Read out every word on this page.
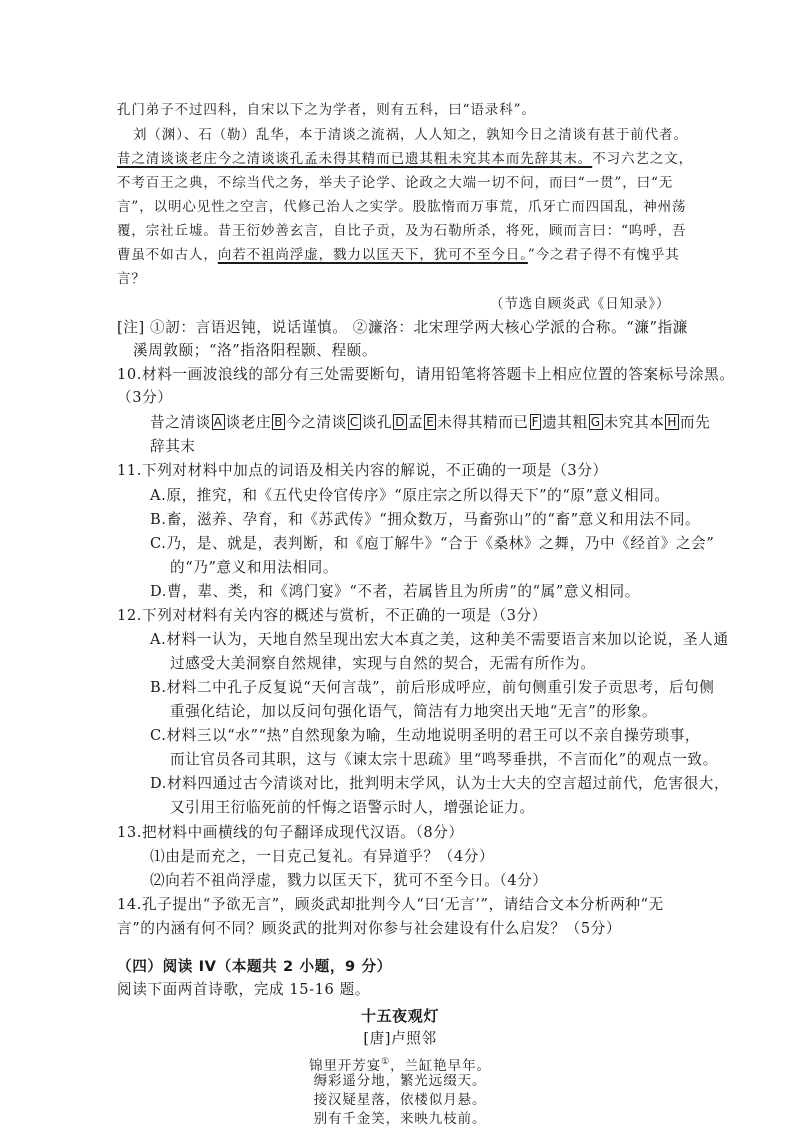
孔门弟子不过四科，自宋以下之为学者，则有五科，曰“语录科”。
刘（渊）、石（勒）乱华，本于清谈之流祸，人人知之，孰知今日之清谈有甚于前代者。
昔之清谈谈老庄今之清谈谈孔孟未得其精而已遗其粗未究其本而先辞其末。不习六艺之文，
不考百王之典，不综当代之务，举夫子论学、论政之大端一切不问，而曰“一贯”，曰“无
言”，以明心见性之空言，代修己治人之实学。股肱惰而万事荒，爪牙亡而四国乱，神州荡
覆，宗社丘墟。昔王衍妙善玄言，自比子贡，及为石勒所杀，将死，顾而言曰：“呜呼，吾
曹虽不如古人，向若不祖尚浮虚，戮力以匡天下，犹可不至今日。”今之君子得不有愧乎其
言？
（节选自顾炎武《日知录》）
[注] ①訒：言语迟钝，说话谨慎。 ②濂洛：北宋理学两大核心学派的合称。“濂”指濂
溪周敦颐；“洛”指洛阳程颢、程颐。
10.材料一画波浪线的部分有三处需要断句，请用铅笔将答题卡上相应位置的答案标号涂黑。
（3分）
昔之清谈 A 谈老庄 B 今之清谈 C 谈孔 D 孟 E 未得其精而已 F 遗其粗 G 未究其本 H 而先
辞其末
11.下列对材料中加点的词语及相关内容的解说，不正确的一项是（3分）
A.原，推究，和《五代史伶官传序》“原庄宗之所以得天下”的“原”意义相同。
B.畜，滋养、孕育，和《苏武传》“拥众数万，马畜弥山”的“畜”意义和用法不同。
C.乃，是、就是，表判断，和《庖丁解牛》“合于《桑林》之舞，乃中《经首》之会”
的“乃”意义和用法相同。
D.曹，辈、类，和《鸿门宴》“不者，若属皆且为所虏”的“属”意义相同。
12.下列对材料有关内容的概述与赏析，不正确的一项是（3分）
A.材料一认为，天地自然呈现出宏大本真之美，这种美不需要语言来加以论说，圣人通
过感受大美洞察自然规律，实现与自然的契合，无需有所作为。
B.材料二中孔子反复说“天何言哉”，前后形成呼应，前句侧重引发子贡思考，后句侧
重强化结论，加以反问句强化语气，简洁有力地突出天地“无言”的形象。
C.材料三以“水”“热”自然现象为喻，生动地说明圣明的君王可以不亲自操劳琐事，
而让官员各司其职，这与《谏太宗十思疏》里“鸣琴垂拱，不言而化”的观点一致。
D.材料四通过古今清谈对比，批判明末学风，认为士大夫的空言超过前代，危害很大，
又引用王衍临死前的忏悔之语警示时人，增强论证力。
13.把材料中画横线的句子翻译成现代汉语。（8分）
⑴由是而充之，一日克己复礼。有异道乎？（4分）
⑵向若不祖尚浮虚，戮力以匡天下，犹可不至今日。（4分）
14.孔子提出“予欲无言”，顾炎武却批判今人“曰‘无言’”，请结合文本分析两种“无
言”的内涵有何不同？顾炎武的批判对你参与社会建设有什么启发？（5分）
（四）阅读 IV（本题共 2 小题，9 分）
阅读下面两首诗歌，完成 15-16 题。
十五夜观灯
[唐]卢照邻
锦里开芳宴①，兰缸艳早年。
缛彩遥分地，繁光远缀天。
接汉疑星落，依楼似月悬。
别有千金笑，来映九枝前。
